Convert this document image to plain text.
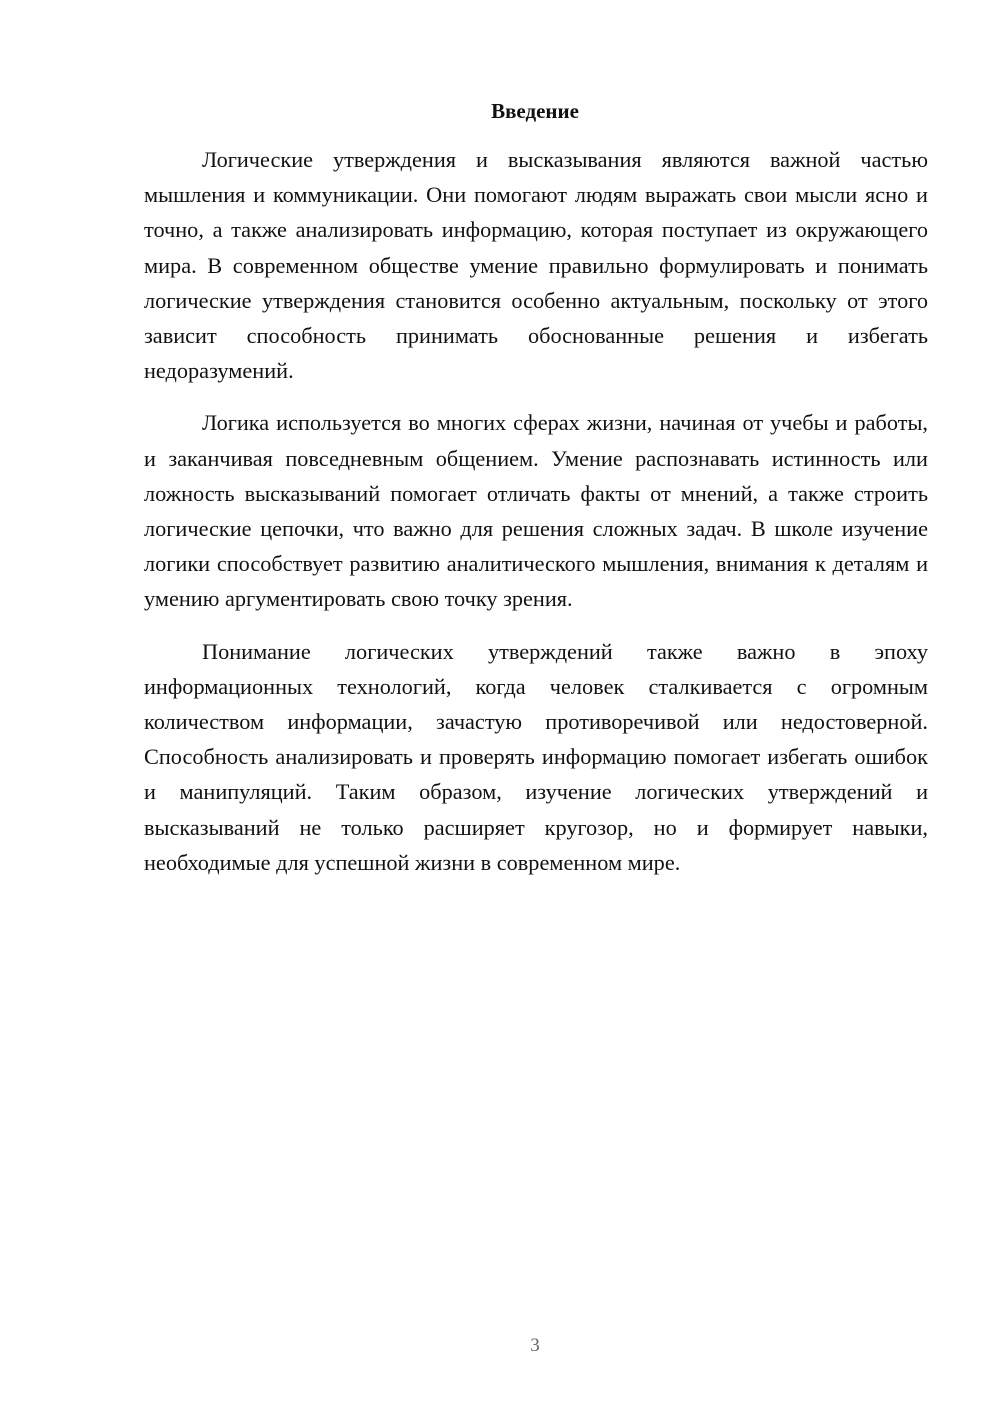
Введение

Логические утверждения и высказывания являются важной частью мышления и коммуникации. Они помогают людям выражать свои мысли ясно и точно, а также анализировать информацию, которая поступает из окружающего мира. В современном обществе умение правильно формулировать и понимать логические утверждения становится особенно актуальным, поскольку от этого зависит способность принимать обоснованные решения и избегать недоразумений.

Логика используется во многих сферах жизни, начиная от учебы и работы, и заканчивая повседневным общением. Умение распознавать истинность или ложность высказываний помогает отличать факты от мнений, а также строить логические цепочки, что важно для решения сложных задач. В школе изучение логики способствует развитию аналитического мышления, внимания к деталям и умению аргументировать свою точку зрения.

Понимание логических утверждений также важно в эпоху информационных технологий, когда человек сталкивается с огромным количеством информации, зачастую противоречивой или недостоверной. Способность анализировать и проверять информацию помогает избегать ошибок и манипуляций. Таким образом, изучение логических утверждений и высказываний не только расширяет кругозор, но и формирует навыки, необходимые для успешной жизни в современном мире.

3
